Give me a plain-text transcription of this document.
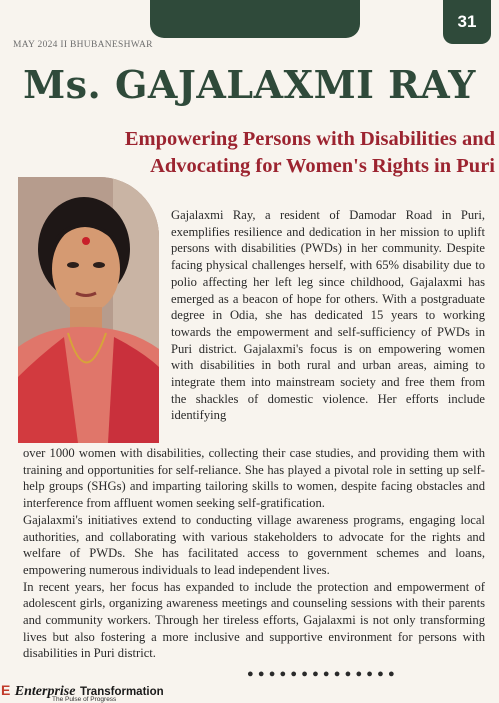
31
MAY 2024 II BHUBANESHWAR
Ms. GAJALAXMI RAY
Empowering Persons with Disabilities and
Advocating for Women's Rights in Puri

Gajalaxmi Ray, a resident of Damodar Road in Puri, exemplifies resilience and dedication in her mission to uplift persons with disabilities (PWDs) in her community. Despite facing physical challenges herself, with 65% disability due to polio affecting her left leg since childhood, Gajalaxmi has emerged as a beacon of hope for others. With a postgraduate degree in Odia, she has dedicated 15 years to working towards the empowerment and self-sufficiency of PWDs in Puri district. Gajalaxmi's focus is on empowering women with disabilities in both rural and urban areas, aiming to integrate them into mainstream society and free them from the shackles of domestic violence. Her efforts include identifying

over 1000 women with disabilities, collecting their case studies, and providing them with training and opportunities for self-reliance. She has played a pivotal role in setting up self-help groups (SHGs) and imparting tailoring skills to women, despite facing obstacles and interference from affluent women seeking self-gratification.

Gajalaxmi's initiatives extend to conducting village awareness programs, engaging local authorities, and collaborating with various stakeholders to advocate for the rights and welfare of PWDs. She has facilitated access to government schemes and loans, empowering numerous individuals to lead independent lives.

In recent years, her focus has expanded to include the protection and empowerment of adolescent girls, organizing awareness meetings and counseling sessions with their parents and community workers. Through her tireless efforts, Gajalaxmi is not only transforming lives but also fostering a more inclusive and supportive environment for persons with disabilities in Puri district.

●●●●●●●●●●●●●●
E Enterprise Transformation
The Pulse of Progress
